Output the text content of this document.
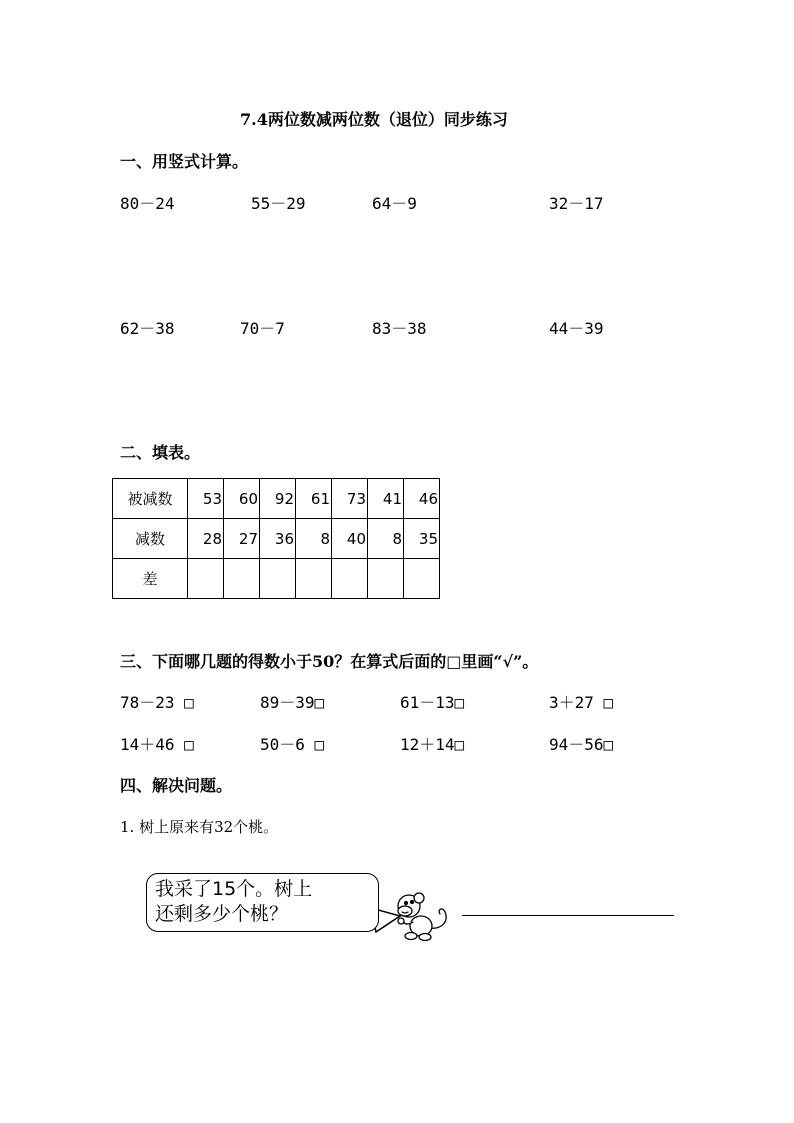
7.4两位数减两位数（退位）同步练习
一、用竖式计算。
80－24	55－29	64－9	32－17
62－38	70－7	83－38	44－39
二、填表。
被减数	53	60	92	61	73	41	46
减数	28	27	36	8	40	8	35
差							
三、下面哪几题的得数小于50？在算式后面的□里画“√”。
78－23 □	89－39□	61－13□	3＋27 □
14＋46 □	50－6 □	12＋14□	94－56□
四、解决问题。
1. 树上原来有32个桃。
我采了15个。树上
还剩多少个桃？
